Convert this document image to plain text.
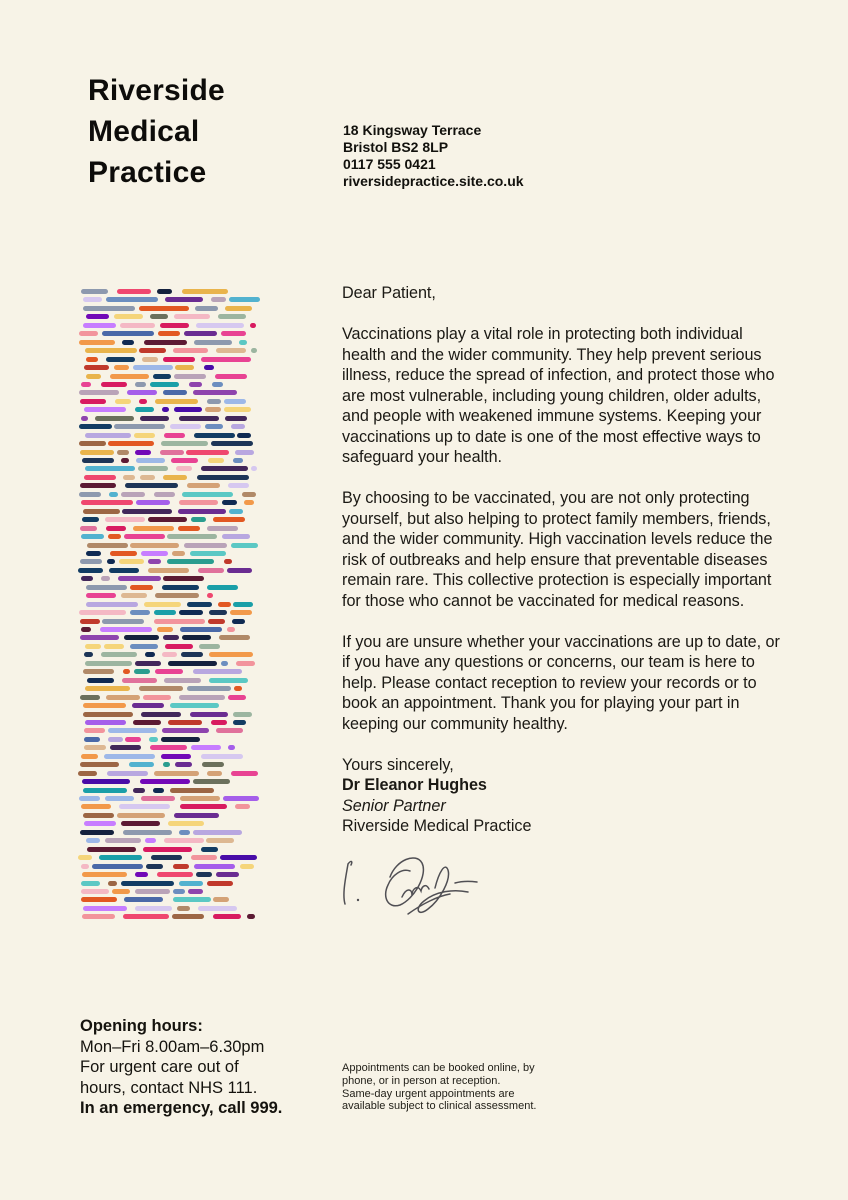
Riverside Medical Practice
18 Kingsway Terrace
Bristol BS2 8LP
0117 555 0421
riversidepractice.site.co.uk

Dear Patient,

Vaccinations play a vital role in protecting both individual health and the wider community. They help prevent serious illness, reduce the spread of infection, and protect those who are most vulnerable, including young children, older adults, and people with weakened immune systems. Keeping your vaccinations up to date is one of the most effective ways to safeguard your health.

By choosing to be vaccinated, you are not only protecting yourself, but also helping to protect family members, friends, and the wider community. High vaccination levels reduce the risk of outbreaks and help ensure that preventable diseases remain rare. This collective protection is especially important for those who cannot be vaccinated for medical reasons.

If you are unsure whether your vaccinations are up to date, or if you have any questions or concerns, our team is here to help. Please contact reception to review your records or to book an appointment. Thank you for playing your part in keeping our community healthy.

Yours sincerely,

Dr Eleanor Hughes
Senior Partner
Riverside Medical Practice
Opening hours:
Mon–Fri 8.00am–6.30pm
For urgent care out of hours, contact NHS 111.
In an emergency, call 999.
Appointments can be booked online, by phone, or in person at reception.
Same-day urgent appointments are available subject to clinical assessment.
